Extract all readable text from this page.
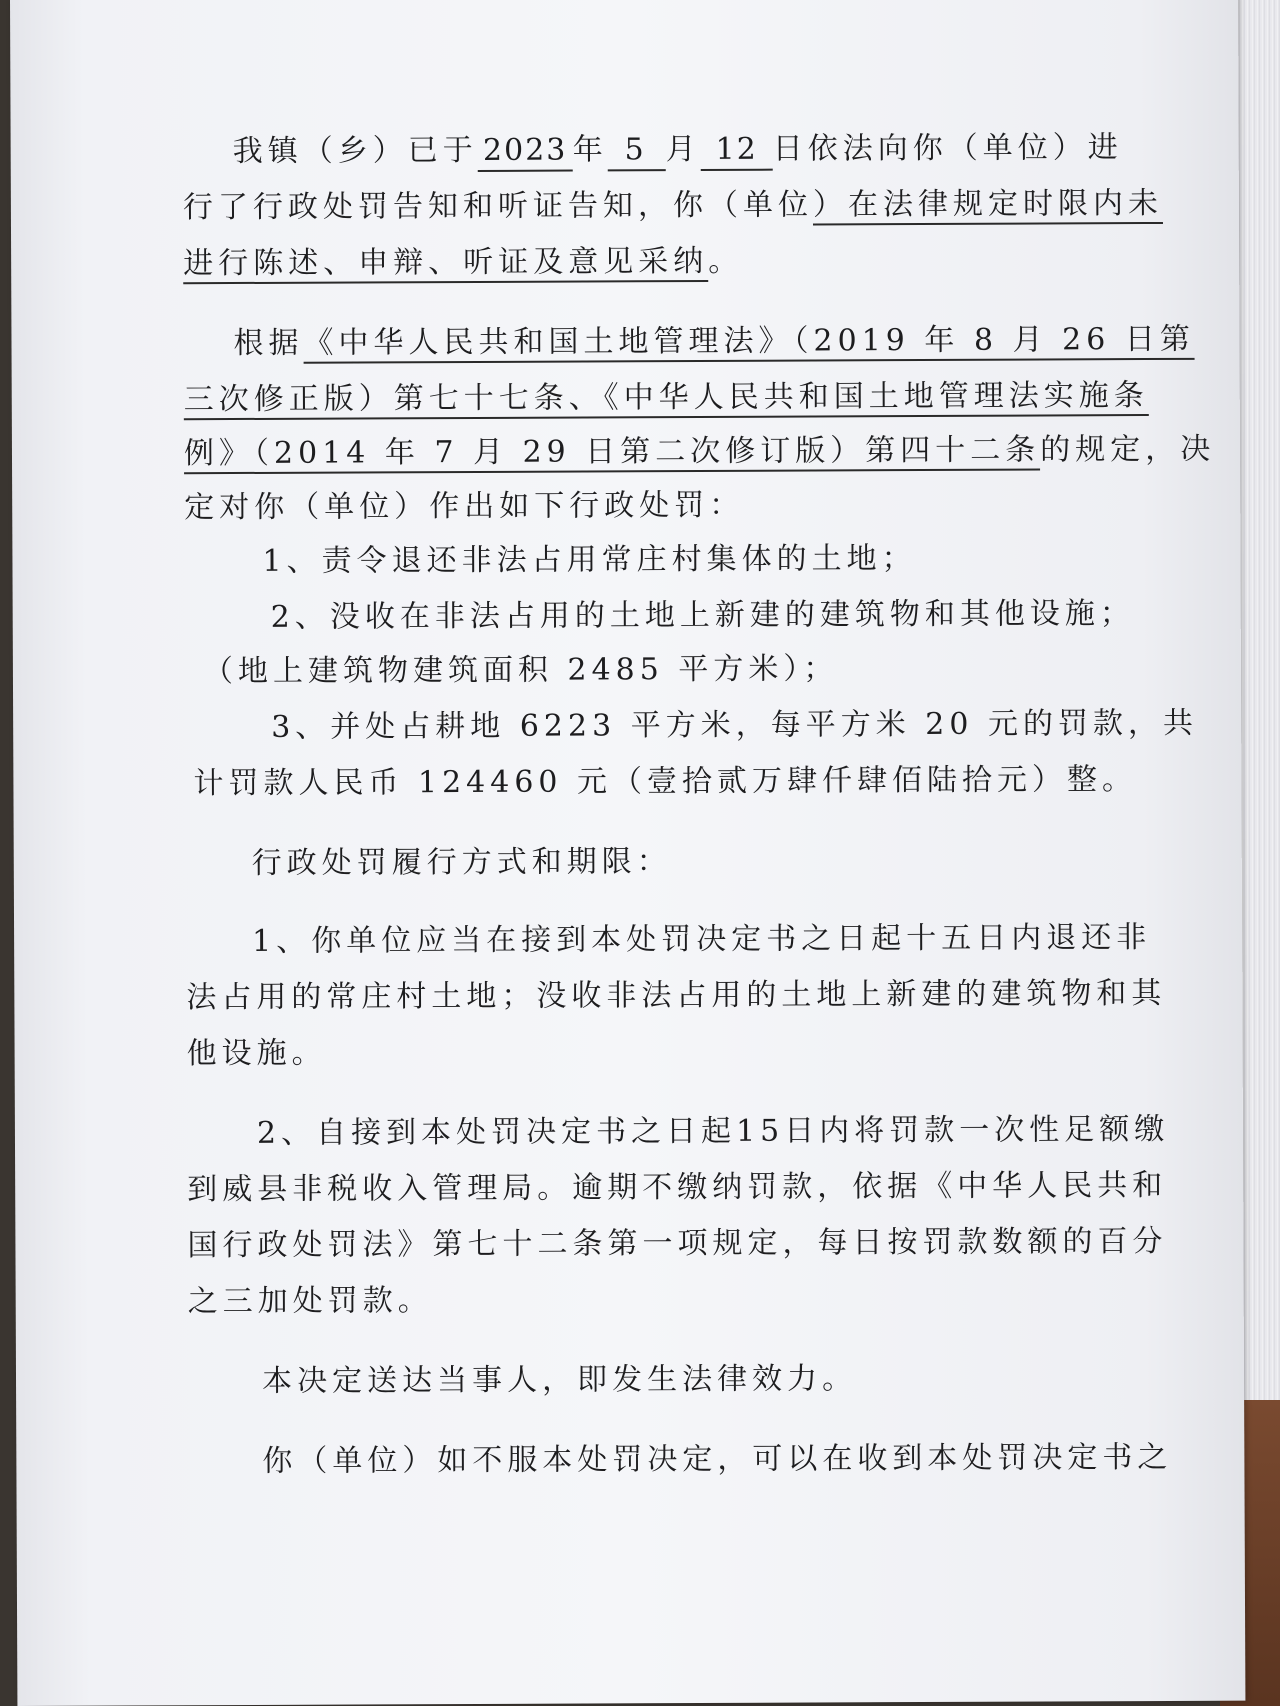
我镇（乡）已于 2023 年 5 月 12 日依法向你（单位）进
行了行政处罚告知和听证告知，你（单位）在法律规定时限内未
进行陈述、申辩、听证及意见采纳。
根据《中华人民共和国土地管理法》（2019 年 8 月 26 日第
三次修正版）第七十七条、《中华人民共和国土地管理法实施条
例》（2014 年 7 月 29 日第二次修订版）第四十二条的规定，决
定对你（单位）作出如下行政处罚：
1、责令退还非法占用常庄村集体的土地；
2、没收在非法占用的土地上新建的建筑物和其他设施；
（地上建筑物建筑面积 2485 平方米）；
3、并处占耕地 6223 平方米，每平方米 20 元的罚款，共
计罚款人民币 124460 元（壹拾贰万肆仟肆佰陆拾元）整。
行政处罚履行方式和期限：
1、你单位应当在接到本处罚决定书之日起十五日内退还非
法占用的常庄村土地；没收非法占用的土地上新建的建筑物和其
他设施。
2、自接到本处罚决定书之日起15日内将罚款一次性足额缴
到威县非税收入管理局。逾期不缴纳罚款，依据《中华人民共和
国行政处罚法》第七十二条第一项规定，每日按罚款数额的百分
之三加处罚款。
本决定送达当事人，即发生法律效力。
你（单位）如不服本处罚决定，可以在收到本处罚决定书之
